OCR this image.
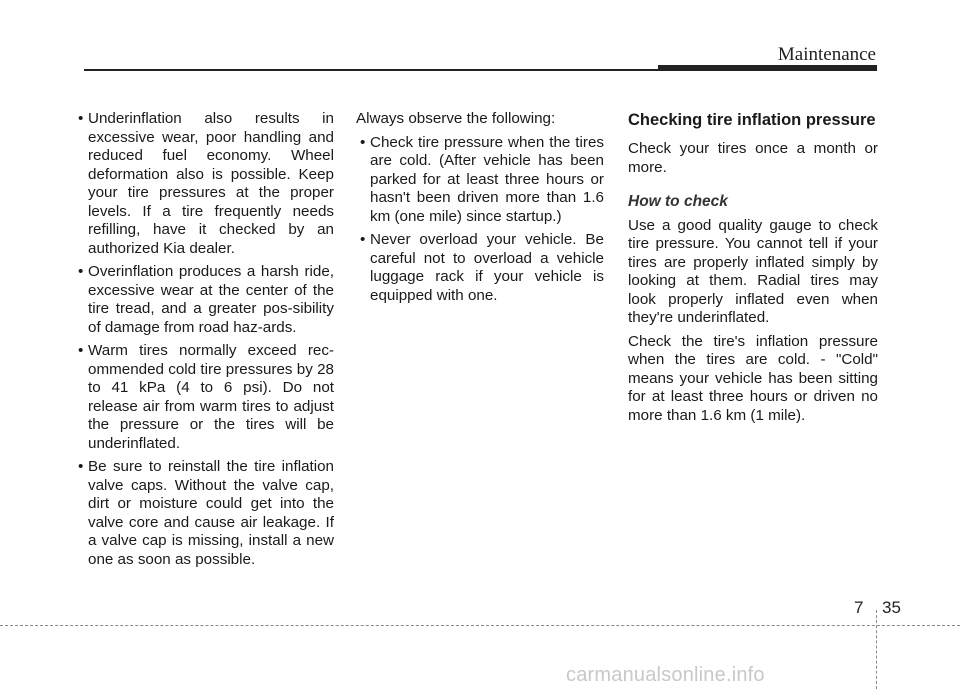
Maintenance
• Underinflation also results in excessive wear, poor handling and reduced fuel economy. Wheel deformation also is possible. Keep your tire pressures at the proper levels. If a tire frequently needs refilling, have it checked by an authorized Kia dealer.
• Overinflation produces a harsh ride, excessive wear at the center of the tire tread, and a greater pos-sibility of damage from road haz-ards.
• Warm tires normally exceed rec-ommended cold tire pressures by 28 to 41 kPa (4 to 6 psi). Do not release air from warm tires to adjust the pressure or the tires will be underinflated.
• Be sure to reinstall the tire inflation valve caps. Without the valve cap, dirt or moisture could get into the valve core and cause air leakage. If a valve cap is missing, install a new one as soon as possible.

Always observe the following:

• Check tire pressure when the tires are cold. (After vehicle has been parked for at least three hours or hasn't been driven more than 1.6 km (one mile) since startup.)
• Never overload your vehicle. Be careful not to overload a vehicle luggage rack if your vehicle is equipped with one.
Checking tire inflation pressure

Check your tires once a month or more.

How to check

Use a good quality gauge to check tire pressure. You cannot tell if your tires are properly inflated simply by looking at them. Radial tires may look properly inflated even when they're underinflated.

Check the tire's inflation pressure when the tires are cold. - "Cold" means your vehicle has been sitting for at least three hours or driven no more than 1.6 km (1 mile).

7 35
carmanualsonline.info
